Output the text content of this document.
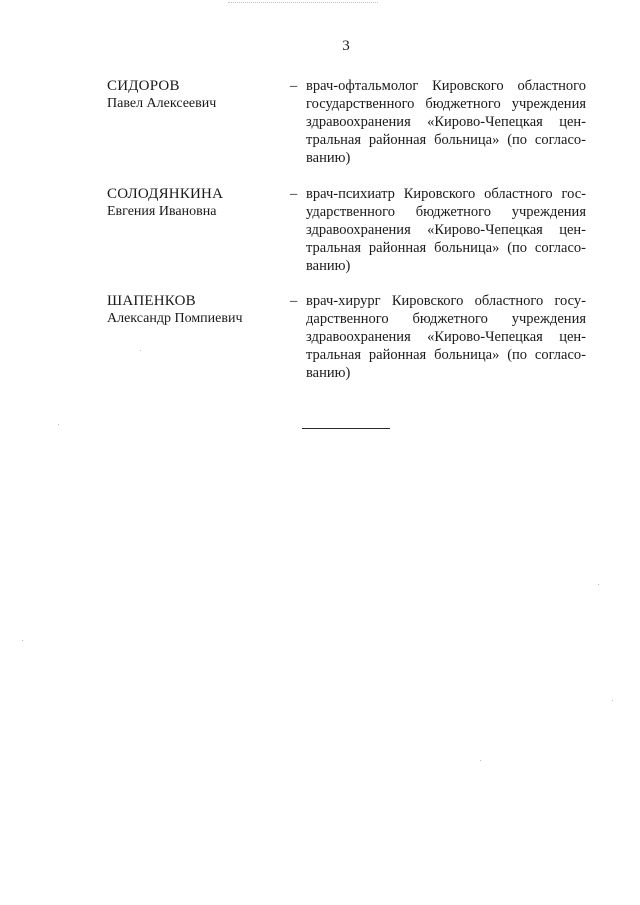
3
СИДОРОВ
Павел Алексеевич
– врач-офтальмолог Кировского областного
государственного бюджетного учреждения
здравоохранения «Кирово-Чепецкая цен-
тральная районная больница» (по согласо-
ванию)
СОЛОДЯНКИНА
Евгения Ивановна
– врач-психиатр Кировского областного гос-
ударственного бюджетного учреждения
здравоохранения «Кирово-Чепецкая цен-
тральная районная больница» (по согласо-
ванию)
ШАПЕНКОВ
Александр Помпиевич
– врач-хирург Кировского областного госу-
дарственного бюджетного учреждения
здравоохранения «Кирово-Чепецкая цен-
тральная районная больница» (по согласо-
ванию)
